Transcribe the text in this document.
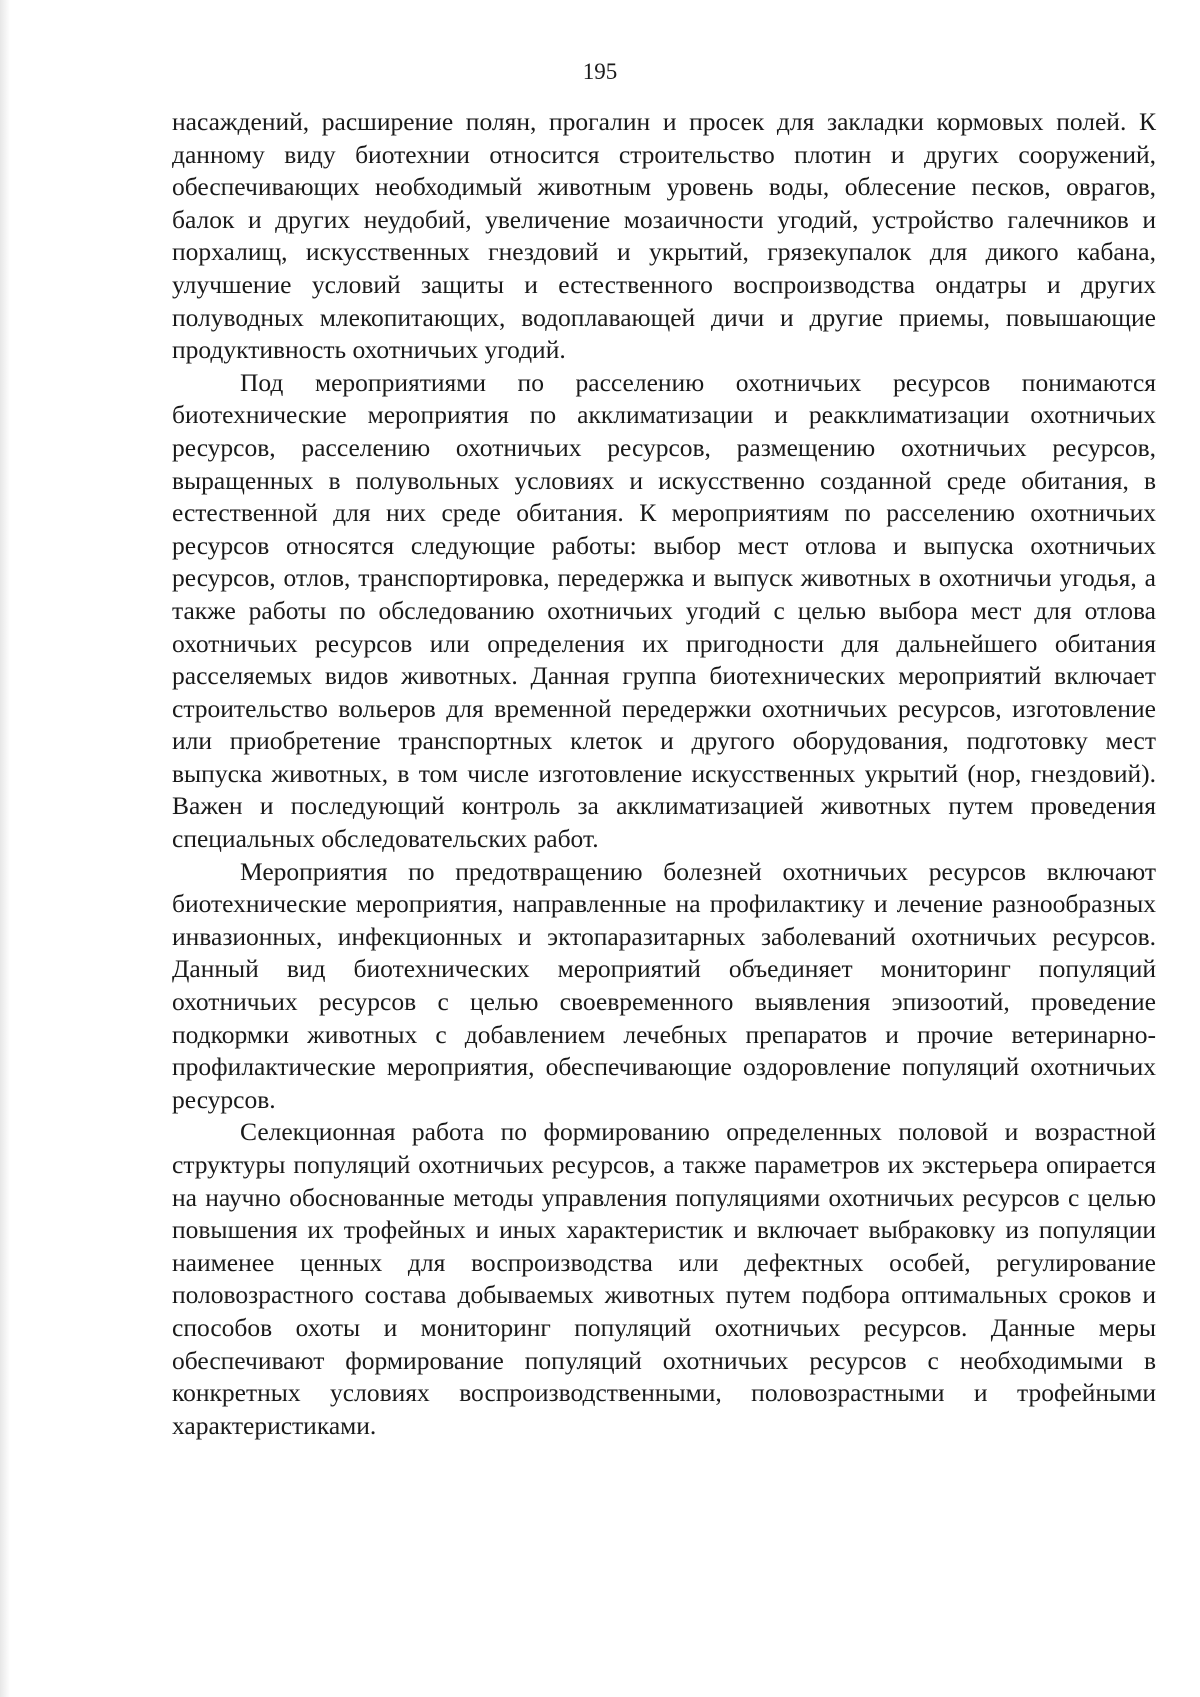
195

насаждений, расширение полян, прогалин и просек для закладки кормовых полей. К данному виду биотехнии относится строительство плотин и других сооружений, обеспечивающих необходимый животным уровень воды, облесение песков, оврагов, балок и других неудобий, увеличение мозаичности угодий, устройство галечников и порхалищ, искусственных гнездовий и укрытий, грязекупалок для дикого кабана, улучшение условий защиты и естественного воспроизводства ондатры и других полуводных млекопитающих, водоплавающей дичи и другие приемы, повышающие продуктивность охотничьих угодий.

Под мероприятиями по расселению охотничьих ресурсов понимаются биотехнические мероприятия по акклиматизации и реакклиматизации охотничьих ресурсов, расселению охотничьих ресурсов, размещению охотничьих ресурсов, выращенных в полувольных условиях и искусственно созданной среде обитания, в естественной для них среде обитания. К мероприятиям по расселению охотничьих ресурсов относятся следующие работы: выбор мест отлова и выпуска охотничьих ресурсов, отлов, транспортировка, передержка и выпуск животных в охотничьи угодья, а также работы по обследованию охотничьих угодий с целью выбора мест для отлова охотничьих ресурсов или определения их пригодности для дальнейшего обитания расселяемых видов животных. Данная группа биотехнических мероприятий включает строительство вольеров для временной передержки охотничьих ресурсов, изготовление или приобретение транспортных клеток и другого оборудования, подготовку мест выпуска животных, в том числе изготовление искусственных укрытий (нор, гнездовий). Важен и последующий контроль за акклиматизацией животных путем проведения специальных обследовательских работ.

Мероприятия по предотвращению болезней охотничьих ресурсов включают биотехнические мероприятия, направленные на профилактику и лечение разнообразных инвазионных, инфекционных и эктопаразитарных заболеваний охотничьих ресурсов. Данный вид биотехнических мероприятий объединяет мониторинг популяций охотничьих ресурсов с целью своевременного выявления эпизоотий, проведение подкормки животных с добавлением лечебных препаратов и прочие ветеринарно-профилактические мероприятия, обеспечивающие оздоровление популяций охотничьих ресурсов.

Селекционная работа по формированию определенных половой и возрастной структуры популяций охотничьих ресурсов, а также параметров их экстерьера опирается на научно обоснованные методы управления популяциями охотничьих ресурсов с целью повышения их трофейных и иных характеристик и включает выбраковку из популяции наименее ценных для воспроизводства или дефектных особей, регулирование половозрастного состава добываемых животных путем подбора оптимальных сроков и способов охоты и мониторинг популяций охотничьих ресурсов. Данные меры обеспечивают формирование популяций охотничьих ресурсов с необходимыми в конкретных условиях воспроизводственными, половозрастными и трофейными характеристиками.
